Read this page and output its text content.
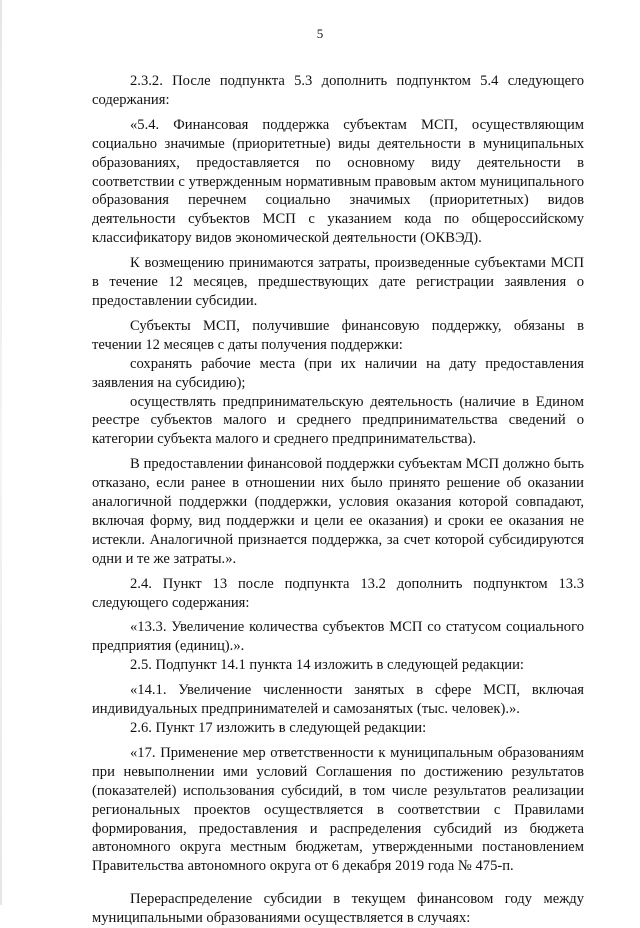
5

2.3.2. После подпункта 5.3 дополнить подпунктом 5.4 следующего содержания:

«5.4. Финансовая поддержка субъектам МСП, осуществляющим социально значимые (приоритетные) виды деятельности в муниципальных образованиях, предоставляется по основному виду деятельности в соответствии с утвержденным нормативным правовым актом муниципального образования перечнем социально значимых (приоритетных) видов деятельности субъектов МСП с указанием кода по общероссийскому классификатору видов экономической деятельности (ОКВЭД).

К возмещению принимаются затраты, произведенные субъектами МСП в течение 12 месяцев, предшествующих дате регистрации заявления о предоставлении субсидии.

Субъекты МСП, получившие финансовую поддержку, обязаны в течении 12 месяцев с даты получения поддержки:

сохранять рабочие места (при их наличии на дату предоставления заявления на субсидию);

осуществлять предпринимательскую деятельность (наличие в Едином реестре субъектов малого и среднего предпринимательства сведений о категории субъекта малого и среднего предпринимательства).

В предоставлении финансовой поддержки субъектам МСП должно быть отказано, если ранее в отношении них было принято решение об оказании аналогичной поддержки (поддержки, условия оказания которой совпадают, включая форму, вид поддержки и цели ее оказания) и сроки ее оказания не истекли. Аналогичной признается поддержка, за счет которой субсидируются одни и те же затраты.».

2.4. Пункт 13 после подпункта 13.2 дополнить подпунктом 13.3 следующего содержания:

«13.3. Увеличение количества субъектов МСП со статусом социального предприятия (единиц).».

2.5. Подпункт 14.1 пункта 14 изложить в следующей редакции:

«14.1. Увеличение численности занятых в сфере МСП, включая индивидуальных предпринимателей и самозанятых (тыс. человек).».

2.6. Пункт 17 изложить в следующей редакции:

«17. Применение мер ответственности к муниципальным образованиям при невыполнении ими условий Соглашения по достижению результатов (показателей) использования субсидий, в том числе результатов реализации региональных проектов осуществляется в соответствии с Правилами формирования, предоставления и распределения субсидий из бюджета автономного округа местным бюджетам, утвержденными постановлением Правительства автономного округа от 6 декабря 2019 года № 475-п.

Перераспределение субсидии в текущем финансовом году между муниципальными образованиями осуществляется в случаях:
